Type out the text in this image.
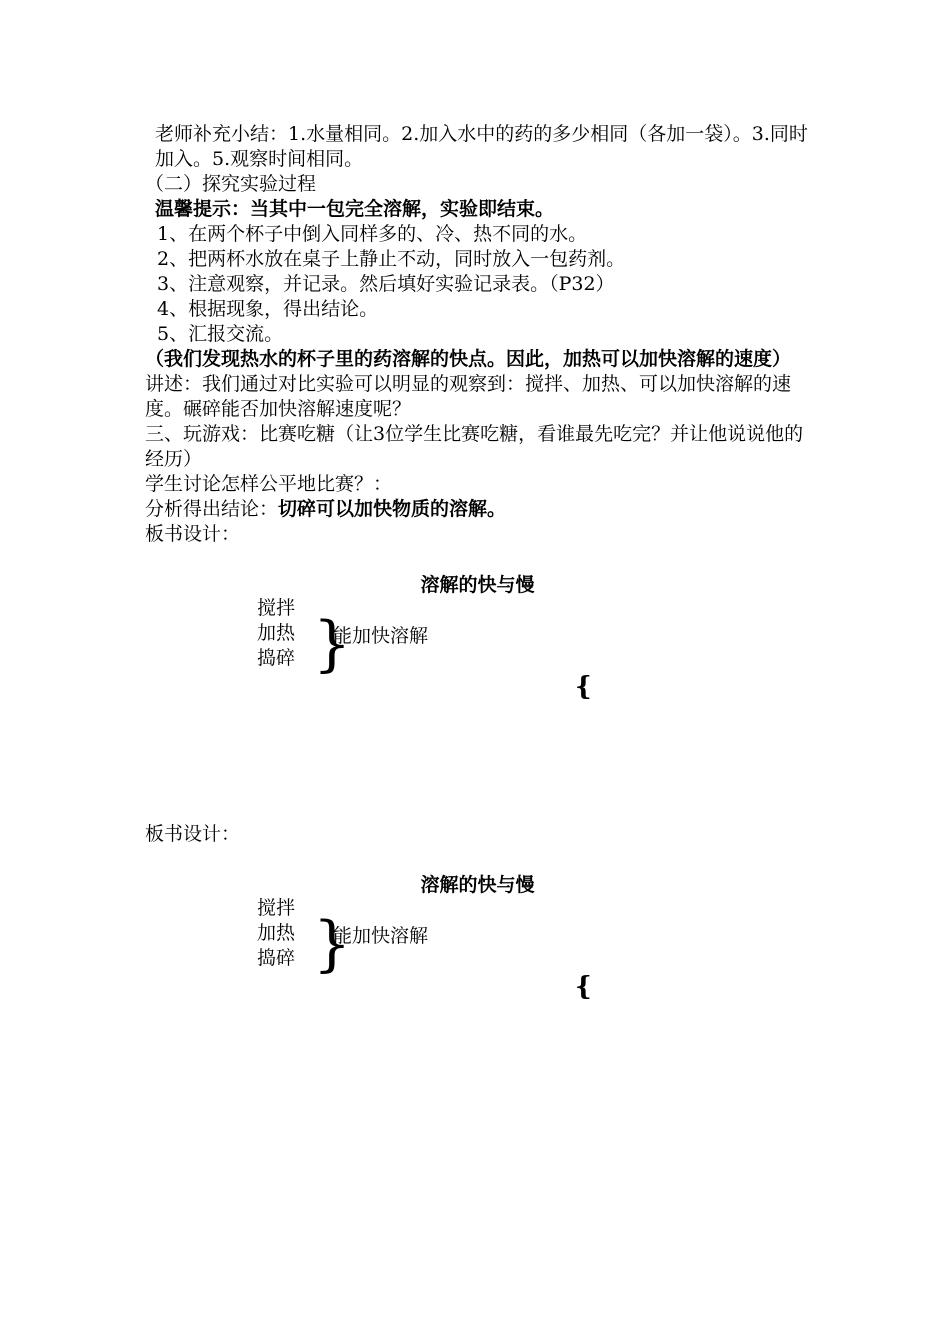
老师补充小结：1.水量相同。2.加入水中的药的多少相同（各加一袋）。3.同时加入。5.观察时间相同。

（二）探究实验过程

温馨提示：当其中一包完全溶解，实验即结束。

1、在两个杯子中倒入同样多的、冷、热不同的水。

2、把两杯水放在桌子上静止不动，同时放入一包药剂。

3、注意观察，并记录。然后填好实验记录表。（P32）

4、根据现象，得出结论。

5、汇报交流。

（我们发现热水的杯子里的药溶解的快点。因此，加热可以加快溶解的速度）

讲述：我们通过对比实验可以明显的观察到：搅拌、加热、可以加快溶解的速度。碾碎能否加快溶解速度呢？

三、玩游戏：比赛吃糖（让3位学生比赛吃糖，看谁最先吃完？并让他说说他的经历）

学生讨论怎样公平地比赛？：

分析得出结论：切碎可以加快物质的溶解。

板书设计：

溶解的快与慢
搅拌
加热
捣碎 }
能加快溶解
{

板书设计：

溶解的快与慢
搅拌
加热
捣碎 }
能加快溶解
{
